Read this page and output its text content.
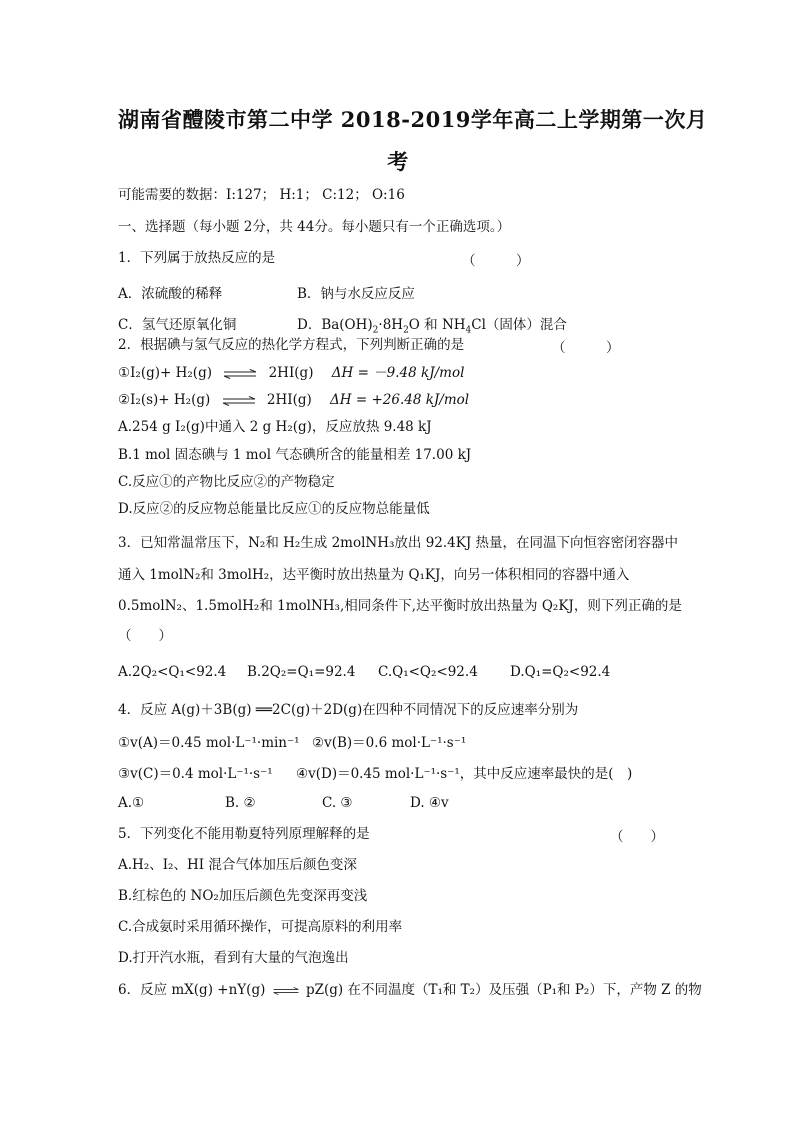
湖南省醴陵市第二中学 2018-2019学年高二上学期第一次月
考
可能需要的数据：I:127； H:1； C:12； O:16
一、选择题（每小题 2分，共 44分。每小题只有一个正确选项。）
1．下列属于放热反应的是	（　　　）
A．浓硫酸的稀释	B．钠与水反应反应
C．氢气还原氧化铜	D．$Ba(OH)_2\cdot 8H_2O$ 和 $NH_4Cl$（固体）混合
2．根据碘与氢气反应的热化学方程式，下列判断正确的是	（　　　）
①I₂(g)+ H₂(g) ⇌ 2HI(g) ΔH = －9.48 kJ/mol
②I₂(s)+ H₂(g) ⇌ 2HI(g) ΔH = +26.48 kJ/mol
A.254 g I₂(g)中通入 2 g H₂(g)，反应放热 9.48 kJ
B.1 mol 固态碘与 1 mol 气态碘所含的能量相差 17.00 kJ
C.反应①的产物比反应②的产物稳定
D.反应②的反应物总能量比反应①的反应物总能量低
3．已知常温常压下，N₂和 H₂生成 2molNH₃放出 92.4KJ 热量，在同温下向恒容密闭容器中
通入 1molN₂和 3molH₂，达平衡时放出热量为 Q₁KJ，向另一体积相同的容器中通入
0.5molN₂、1.5molH₂和 1molNH₃,相同条件下,达平衡时放出热量为 Q₂KJ，则下列正确的是
（　　）
A.2Q₂<Q₁<92.4 B.2Q₂=Q₁=92.4 C.Q₁<Q₂<92.4 D.Q₁=Q₂<92.4
4．反应 A(g)＋3B(g) ══2C(g)＋2D(g)在四种不同情况下的反应速率分别为
①v(A)＝0.45 mol·L⁻¹·min⁻¹ ②v(B)＝0.6 mol·L⁻¹·s⁻¹
③v(C)＝0.4 mol·L⁻¹·s⁻¹ ④v(D)＝0.45 mol·L⁻¹·s⁻¹，其中反应速率最快的是(　)
A.①	B. ②	C. ③	D. ④v
5．下列变化不能用勒夏特列原理解释的是	（　　）
A.H₂、I₂、HI 混合气体加压后颜色变深
B.红棕色的 NO₂加压后颜色先变深再变浅
C.合成氨时采用循环操作，可提高原料的利用率
D.打开汽水瓶，看到有大量的气泡逸出
6．反应 mX(g) +nY(g) ⇌ pZ(g) 在不同温度（T₁和 T₂）及压强（P₁和 P₂）下，产物 Z 的物
